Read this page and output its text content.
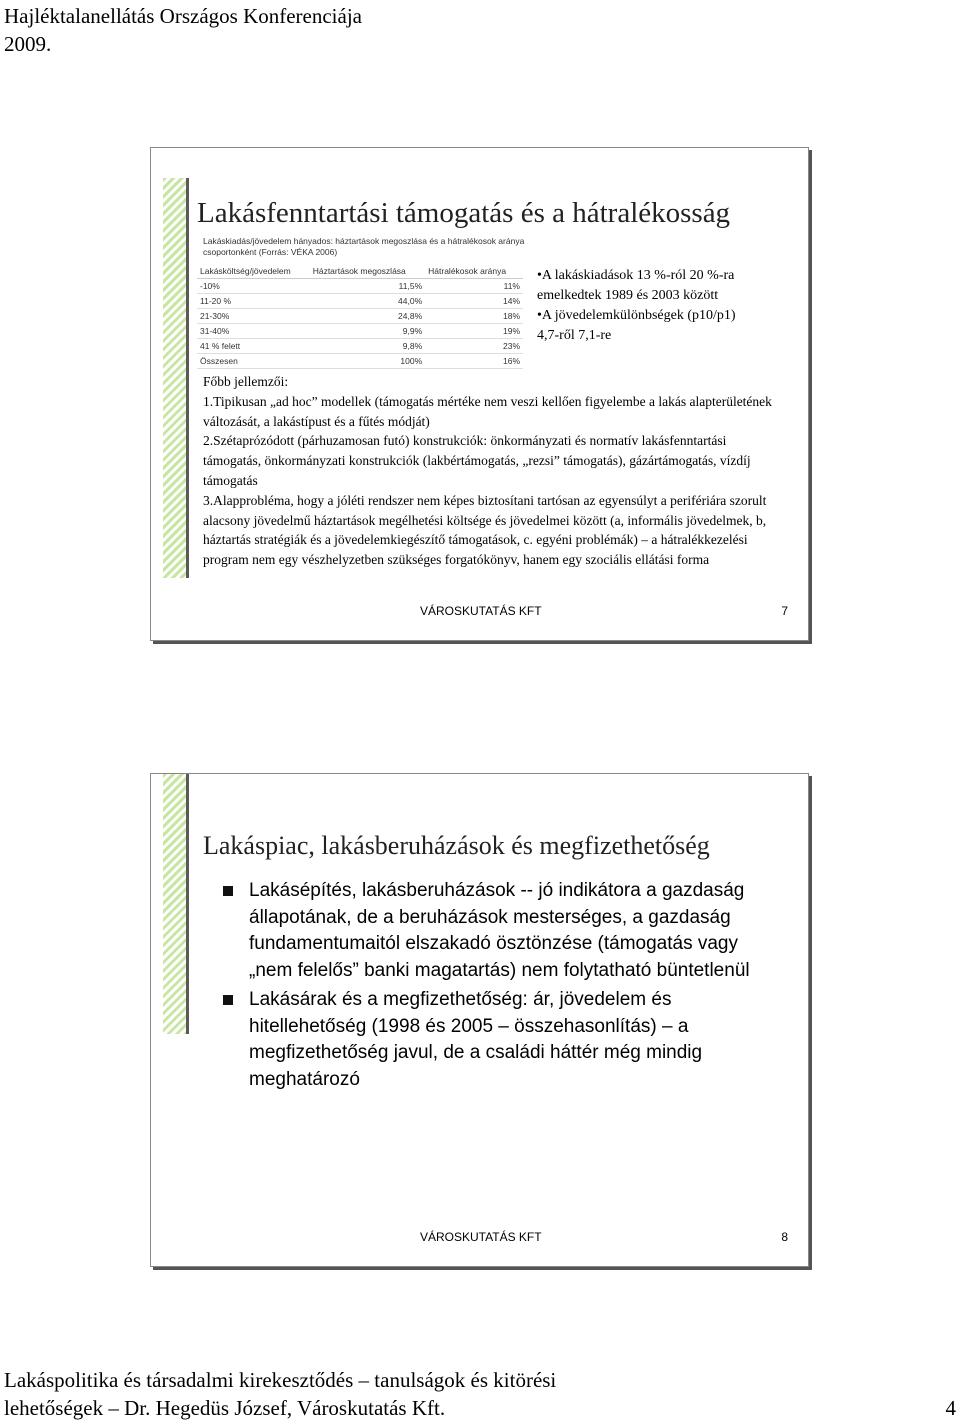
Hajléktalanellátás Országos Konferenciája
2009.
Lakásfenntartási támogatás és a hátralékosság
Lakáskiadás/jövedelem hányados: háztartások megoszlása és a hátralékosok aránya csoportonként (Forrás: VÉKA 2006)
Lakásköltség/jövedelem	Háztartások megoszlása	Hátralékosok aránya
-10%	11,5%	11%
11-20 %	44,0%	14%
21-30%	24,8%	18%
31-40%	9,9%	19%
41 % felett	9,8%	23%
Összesen	100%	16%
• A lakáskiadások 13 %-ról 20 %-ra emelkedtek 1989 és 2003 között
• A jövedelemkülönbségek (p10/p1) 4,7-ről 7,1-re
Főbb jellemzői:
1.Tipikusan „ad hoc” modellek (támogatás mértéke nem veszi kellően figyelembe a lakás alapterületének változását, a lakástípust és a fűtés módját)
2.Szétaprózódott (párhuzamosan futó) konstrukciók: önkormányzati és normatív lakásfenntartási támogatás, önkormányzati konstrukciók (lakbértámogatás, „rezsi” támogatás), gázártámogatás, vízdíj támogatás
3.Alapprobléma, hogy a jóléti rendszer nem képes biztosítani tartósan az egyensúlyt a perifériára szorult alacsony jövedelmű háztartások megélhetési költsége és jövedelmei között (a, informális jövedelmek, b, háztartás stratégiák és a jövedelemkiegészítő támogatások, c. egyéni problémák) – a hátralékkezelési program nem egy vészhelyzetben szükséges forgatókönyv, hanem egy szociális ellátási forma
VÁROSKUTATÁS KFT	7
Lakáspiac, lakásberuházások és megfizethetőség
Lakásépítés, lakásberuházások -- jó indikátora a gazdaság állapotának, de a beruházások mesterséges, a gazdaság fundamentumaitól elszakadó ösztönzése (támogatás vagy „nem felelős” banki magatartás) nem folytatható büntetlenül
Lakásárak és a megfizethetőség: ár, jövedelem és hitellehetőség (1998 és 2005 – összehasonlítás) – a megfizethetőség javul, de a családi háttér még mindig meghatározó
VÁROSKUTATÁS KFT	8
Lakáspolitika és társadalmi kirekesztődés – tanulságok és kitörési
lehetőségek – Dr. Hegedüs József, Városkutatás Kft.	4
